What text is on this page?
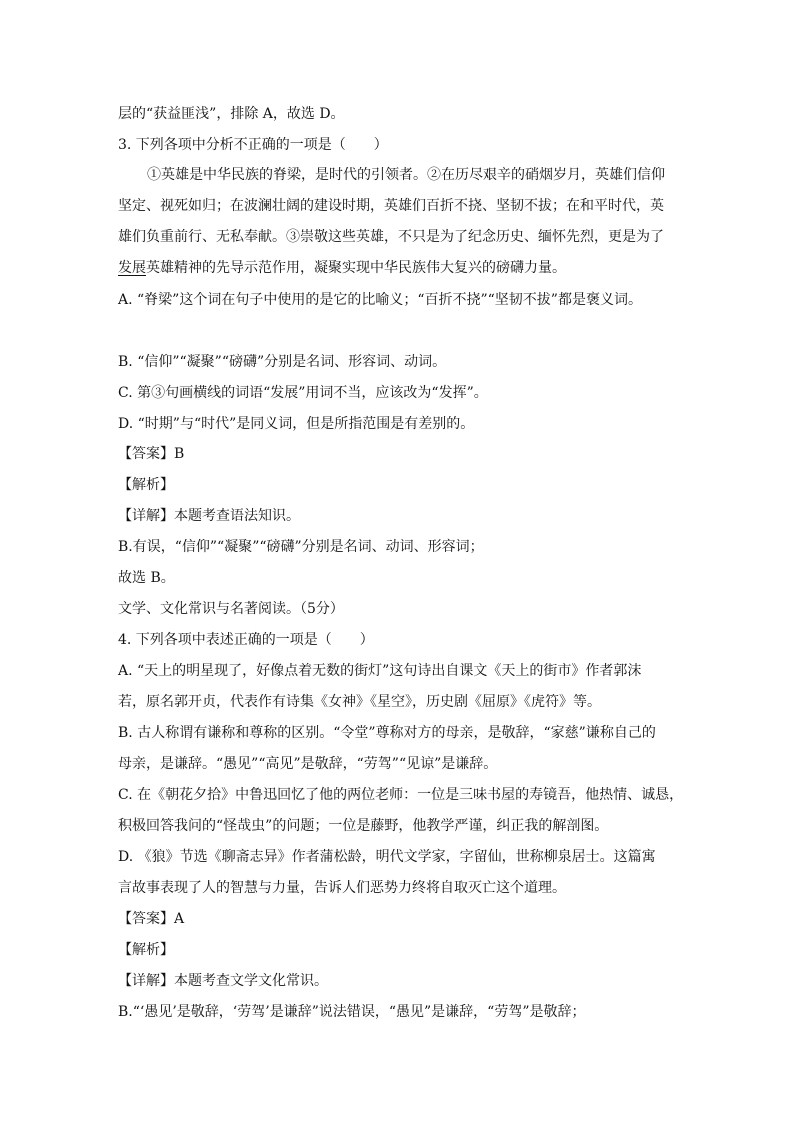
层的“获益匪浅”，排除 A，故选 D。
3. 下列各项中分析不正确的一项是（　　）
①英雄是中华民族的脊梁，是时代的引领者。②在历尽艰辛的硝烟岁月，英雄们信仰
坚定、视死如归；在波澜壮阔的建设时期，英雄们百折不挠、坚韧不拔；在和平时代，英
雄们负重前行、无私奉献。③崇敬这些英雄，不只是为了纪念历史、缅怀先烈，更是为了
发展英雄精神的先导示范作用，凝聚实现中华民族伟大复兴的磅礴力量。
A. “脊梁”这个词在句子中使用的是它的比喻义；“百折不挠”“坚韧不拔”都是褒义词。
B. “信仰”“凝聚”“磅礴”分别是名词、形容词、动词。
C. 第③句画横线的词语“发展”用词不当，应该改为“发挥”。
D. “时期”与“时代”是同义词，但是所指范围是有差别的。
【答案】B
【解析】
【详解】本题考查语法知识。
B.有误，“信仰”“凝聚”“磅礴”分别是名词、动词、形容词；
故选 B。
文学、文化常识与名著阅读。（5分）
4. 下列各项中表述正确的一项是（　　）
A. “天上的明星现了，好像点着无数的街灯”这句诗出自课文《天上的街市》作者郭沫
若，原名郭开贞，代表作有诗集《女神》《星空》，历史剧《屈原》《虎符》等。
B. 古人称谓有谦称和尊称的区别。“令堂”尊称对方的母亲，是敬辞，“家慈”谦称自己的
母亲，是谦辞。“愚见”“高见”是敬辞，“劳驾”“见谅”是谦辞。
C. 在《朝花夕拾》中鲁迅回忆了他的两位老师：一位是三味书屋的寿镜吾，他热情、诚恳，
积极回答我问的“怪哉虫”的问题；一位是藤野，他教学严谨，纠正我的解剖图。
D. 《狼》节选《聊斋志异》作者蒲松龄，明代文学家，字留仙，世称柳泉居士。这篇寓
言故事表现了人的智慧与力量，告诉人们恶势力终将自取灭亡这个道理。
【答案】A
【解析】
【详解】本题考查文学文化常识。
B.“‘愚见’是敬辞，‘劳驾’是谦辞”说法错误，“愚见”是谦辞，“劳驾”是敬辞；
